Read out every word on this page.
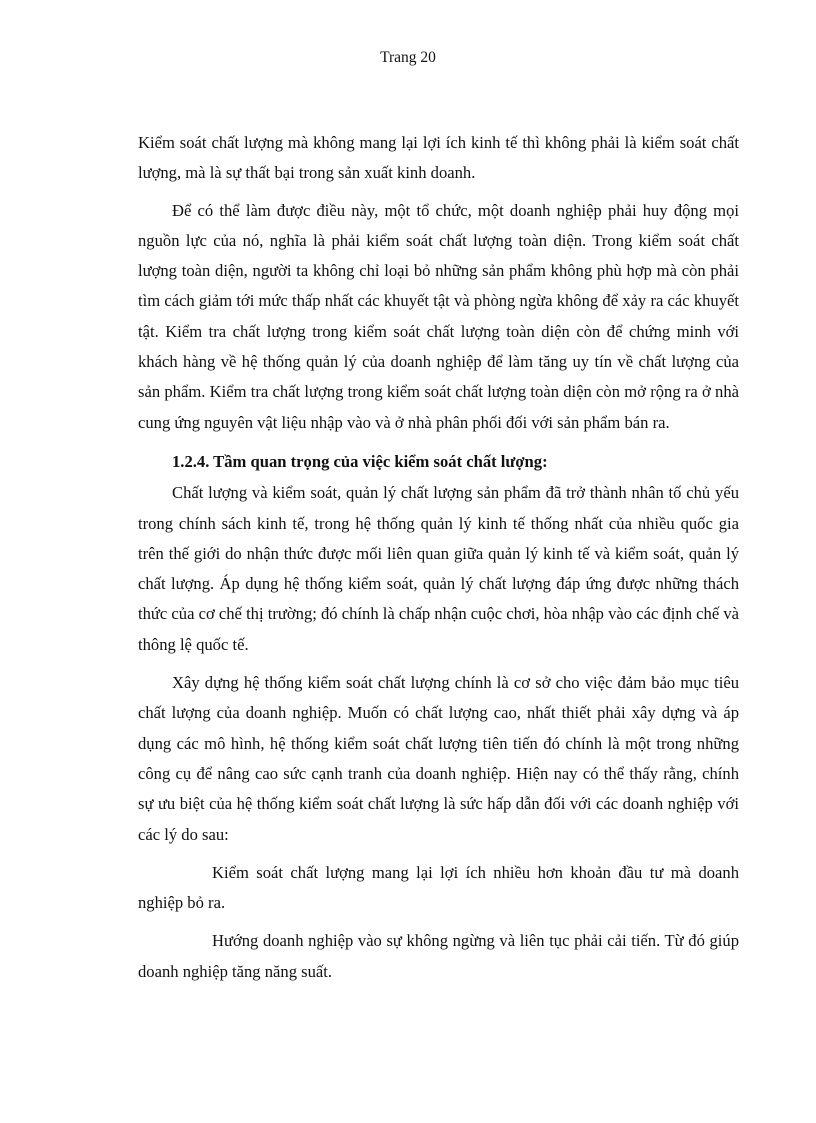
Trang 20

Kiểm soát chất lượng mà không mang lại lợi ích kinh tế thì không phải là kiểm soát chất lượng, mà là sự thất bại trong sản xuất kinh doanh.

Để có thể làm được điều này, một tổ chức, một doanh nghiệp phải huy động mọi nguồn lực của nó, nghĩa là phải kiểm soát chất lượng toàn diện. Trong kiểm soát chất lượng toàn diện, người ta không chỉ loại bỏ những sản phẩm không phù hợp mà còn phải tìm cách giảm tới mức thấp nhất các khuyết tật và phòng ngừa không để xảy ra các khuyết tật. Kiểm tra chất lượng trong kiểm soát chất lượng toàn diện còn để chứng minh với khách hàng về hệ thống quản lý của doanh nghiệp để làm tăng uy tín về chất lượng của sản phẩm. Kiểm tra chất lượng trong kiểm soát chất lượng toàn diện còn mở rộng ra ở nhà cung ứng nguyên vật liệu nhập vào và ở nhà phân phối đối với sản phẩm bán ra.

1.2.4. Tầm quan trọng của việc kiểm soát chất lượng:

Chất lượng và kiểm soát, quản lý chất lượng sản phẩm đã trở thành nhân tố chủ yếu trong chính sách kinh tế, trong hệ thống quản lý kinh tế thống nhất của nhiều quốc gia trên thế giới do nhận thức được mối liên quan giữa quản lý kinh tế và kiểm soát, quản lý chất lượng. Áp dụng hệ thống kiểm soát, quản lý chất lượng đáp ứng được những thách thức của cơ chế thị trường; đó chính là chấp nhận cuộc chơi, hòa nhập vào các định chế và thông lệ quốc tế.

Xây dựng hệ thống kiểm soát chất lượng chính là cơ sở cho việc đảm bảo mục tiêu chất lượng của doanh nghiệp. Muốn có chất lượng cao, nhất thiết phải xây dựng và áp dụng các mô hình, hệ thống kiểm soát chất lượng tiên tiến đó chính là một trong những công cụ để nâng cao sức cạnh tranh của doanh nghiệp. Hiện nay có thể thấy rằng, chính sự ưu biệt của hệ thống kiểm soát chất lượng là sức hấp dẫn đối với các doanh nghiệp với các lý do sau:

Kiểm soát chất lượng mang lại lợi ích nhiều hơn khoản đầu tư mà doanh nghiệp bỏ ra.

Hướng doanh nghiệp vào sự không ngừng và liên tục phải cải tiến. Từ đó giúp doanh nghiệp tăng năng suất.
